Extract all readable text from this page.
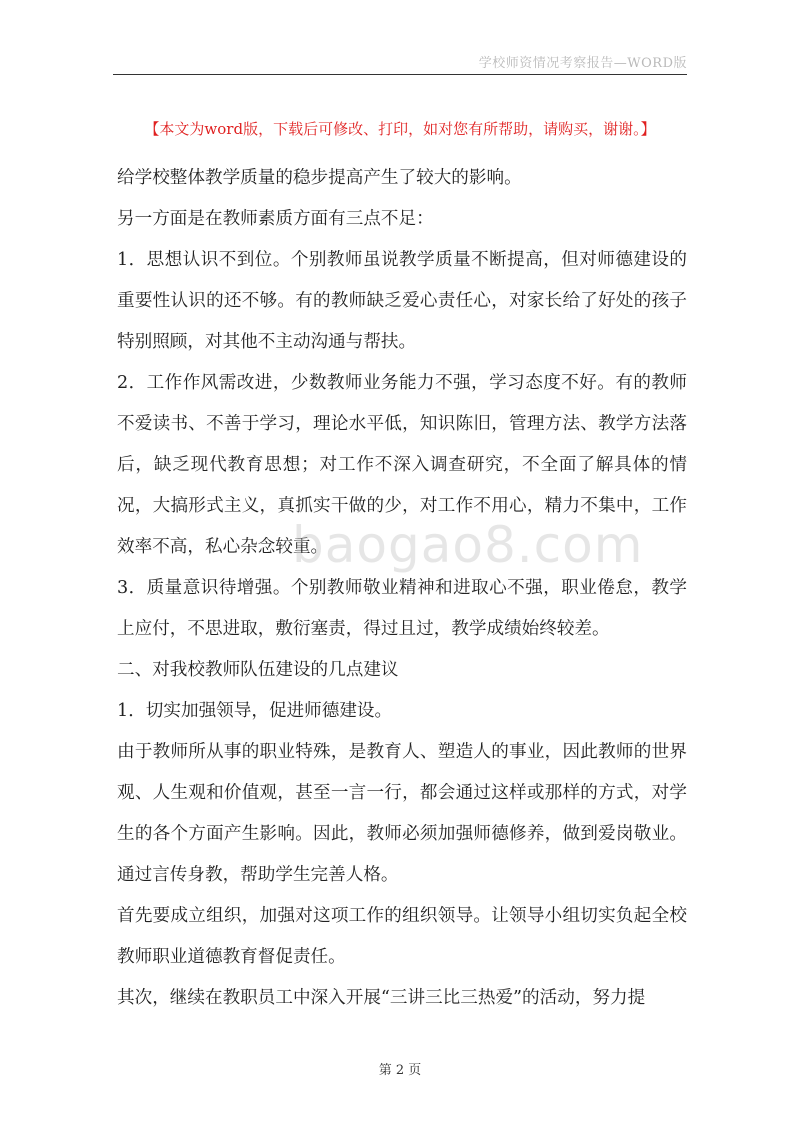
学校师资情况考察报告—WORD版
【本文为word版，下载后可修改、打印，如对您有所帮助，请购买，谢谢。】

给学校整体教学质量的稳步提高产生了较大的影响。

另一方面是在教师素质方面有三点不足：

1．思想认识不到位。个别教师虽说教学质量不断提高，但对师德建设的重要性认识的还不够。有的教师缺乏爱心责任心，对家长给了好处的孩子特别照顾，对其他不主动沟通与帮扶。

2．工作作风需改进，少数教师业务能力不强，学习态度不好。有的教师不爱读书、不善于学习，理论水平低，知识陈旧，管理方法、教学方法落后，缺乏现代教育思想；对工作不深入调查研究，不全面了解具体的情况，大搞形式主义，真抓实干做的少，对工作不用心，精力不集中，工作效率不高，私心杂念较重。

3．质量意识待增强。个别教师敬业精神和进取心不强，职业倦怠，教学上应付，不思进取，敷衍塞责，得过且过，教学成绩始终较差。

二、对我校教师队伍建设的几点建议

1．切实加强领导，促进师德建设。

由于教师所从事的职业特殊，是教育人、塑造人的事业，因此教师的世界观、人生观和价值观，甚至一言一行，都会通过这样或那样的方式，对学生的各个方面产生影响。因此，教师必须加强师德修养，做到爱岗敬业。通过言传身教，帮助学生完善人格。

首先要成立组织，加强对这项工作的组织领导。让领导小组切实负起全校教师职业道德教育督促责任。

其次，继续在教职员工中深入开展“三讲三比三热爱”的活动，努力提

baogao8.com
第 2 页
